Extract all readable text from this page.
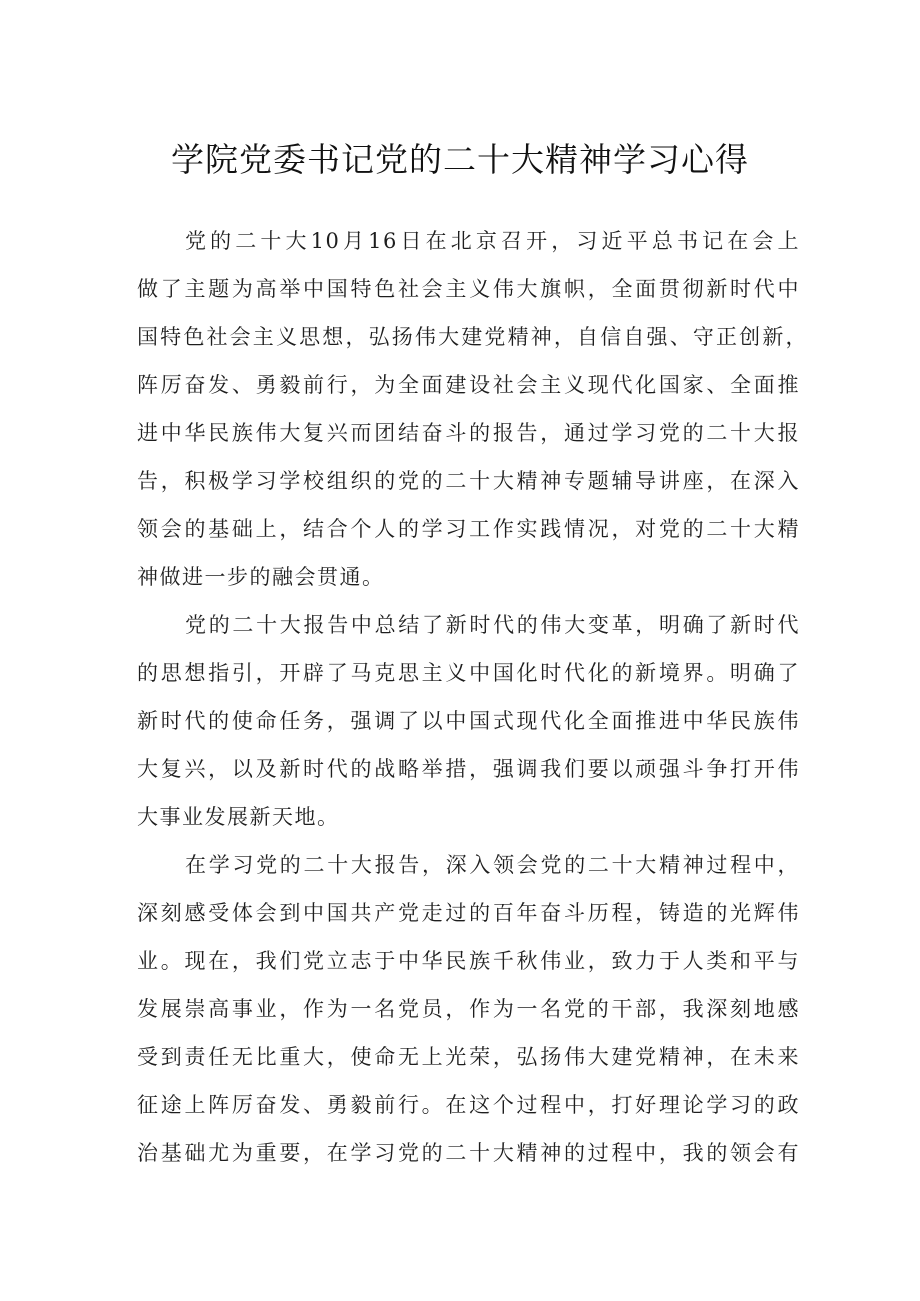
学院党委书记党的二十大精神学习心得
党的二十大10月16日在北京召开，习近平总书记在会上
做了主题为高举中国特色社会主义伟大旗帜，全面贯彻新时代中
国特色社会主义思想，弘扬伟大建党精神，自信自强、守正创新，
阵厉奋发、勇毅前行，为全面建设社会主义现代化国家、全面推
进中华民族伟大复兴而团结奋斗的报告，通过学习党的二十大报
告，积极学习学校组织的党的二十大精神专题辅导讲座，在深入
领会的基础上，结合个人的学习工作实践情况，对党的二十大精
神做进一步的融会贯通。
党的二十大报告中总结了新时代的伟大变革，明确了新时代
的思想指引，开辟了马克思主义中国化时代化的新境界。明确了
新时代的使命任务，强调了以中国式现代化全面推进中华民族伟
大复兴，以及新时代的战略举措，强调我们要以顽强斗争打开伟
大事业发展新天地。
在学习党的二十大报告，深入领会党的二十大精神过程中，
深刻感受体会到中国共产党走过的百年奋斗历程，铸造的光辉伟
业。现在，我们党立志于中华民族千秋伟业，致力于人类和平与
发展崇高事业，作为一名党员，作为一名党的干部，我深刻地感
受到责任无比重大，使命无上光荣，弘扬伟大建党精神，在未来
征途上阵厉奋发、勇毅前行。在这个过程中，打好理论学习的政
治基础尤为重要，在学习党的二十大精神的过程中，我的领会有
